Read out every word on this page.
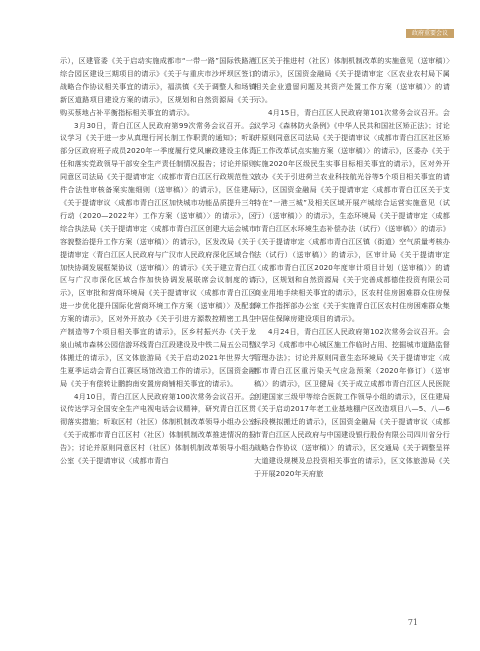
政府重要会议

示），区建管委《关于启动实施成都市“一带一路”国际铁路港综合园区建设三期项目的请示》《关于与重庆市沙坪坝区签订战略合作协议相关事宜的请示》，福洪镇《关于调整人和场镇新区道路项目建设方案的请示》，区规划和自然资源局《关于购买蔡地占补平衡指标相关事宜的请示》。

3月30日，青白江区人民政府第99次常务会议召开。会议学习《关于进一步从真理行河长制工作职责的通知》；听取部分区政府班子成员2020年一季度履行党风廉政建设主体责任和落实党政领导干部安全生产责任制情况报告；讨论并原则同意区司法局《关于提请审定〈成都市青白江区行政规范性文件合法性审核备案实施细则（送审稿）〉的请示》，区住建局《关于提请审议〈成都市青白江区加快城市功能品质提升三年行动（2020—2022年）工作方案（送审稿）〉的请示》，区综合执法局《关于提请审定〈成都市青白江区创建大运会城市容貌整治提升工作方案（送审稿）〉的请示》，区发改局《关于提请审定〈青白江区人民政府与广汉市人民政府深化区域合作加快协调发展框架协议（送审稿）〉的请示》《关于建立青白江区与广汉市深化区域合作加快协调发展联席会议制度的请示》，区审批和营商环境局《关于提请审议〈成都市青白江区进一步优化提升国际化营商环境工作方案（送审稿）〉及配套方案的请示》，区对外开放办《关于引进方源数控精密工具生产制造等7个项目相关事宜的请示》，区乡村振兴办《关于龙泉山城市森林公园信游环线青白江段建设及中铁二局五公司整体搬迁的请示》，区文体旅游局《关于启动2021年世界大学生夏季运动会青白江赛区场馆改造工作的请示》，区国资金融局《关于有偿转让鹏韵南安置房商铺相关事宜的请示》。

4月10日，青白江区人民政府第100次常务会议召开。会议传达学习全国安全生产电视电话会议精神，研究青白江区贯彻落实措施；听取区村（社区）体制机制改革领导小组办公室《关于成都市青白江区村（社区）体制机制改革推进情况的报告》；讨论并原则同意区村（社区）体制机制改革领导小组办公室《关于提请审议〈成都市青白

江区关于推进村（社区）体制机制改革的实施意见（送审稿）〉的请示》，区国资金融局《关于提请审定〈区农业农村局下属相关企业遗留问题及其资产处置工作方案（送审稿）〉的请示》。

4月15日，青白江区人民政府第101次常务会议召开。会议学习《森林防火条例》《中华人民共和国社区矫正法》；讨论并原则同意区司法局《关于提请审议〈成都市青白江区社区矫正工作改革试点实施方案（送审稿）〉的请示》，区委办《关于实施2020年区级民生实事目标相关事宜的请示》，区对外开放办《关于引进荷兰农业科技航光谷等5个项目相关事宜的请示》，区国资金融局《关于提请审定〈成都市青白江区关于支持在“一港三城”及相关区域开展产城综合运营实施意见（试行）（送审稿）〉的请示》，生态环境局《关于提请审定〈成都市青白江区水环境生态补偿办法（试行）（送审稿）〉的请示》《关于提请审定〈成都市青白江区镇（街道）空气质量考核办法（试行）（送审稿）〉的请示》，区审计局《关于提请审定〈成都市青白江区2020年度审计项目计划（送审稿）〉的请示》，区规划和自然资源局《关于完善成都德佳投资有限公司商业用地手续相关事宜的请示》，区农村住房困难群众住房保障工作指挥部办公室《关于实施青白江区农村住房困难群众集中居住保障房建设项目的请示》。

4月24日，青白江区人民政府第102次常务会议召开。会议学习《成都市中心城区施工作临时占用、挖掘城市道路监督管理办法》；讨论并原则同意生态环境局《关于提请审定〈成都市青白江区重污染天气应急预案（2020年修订）（送审稿）〉的请示》，区卫健局《关于成立成都市青白江区人民医院创建国家三级甲等综合医院工作领导小组的请示》，区住建局《关于启动2017年老工业基地棚户区改造项目八—5、八—6标段模拟搬迁的请示》，区国资金融局《关于提请审议〈成都市青白江区人民政府与中国建设银行股份有限公司四川省分行战略合作协议（送审稿）〉的请示》，区交通局《关于调整呈祥大道建设规模及总投资相关事宜的请示》，区文体旅游局《关于开展2020年天府旅

71
